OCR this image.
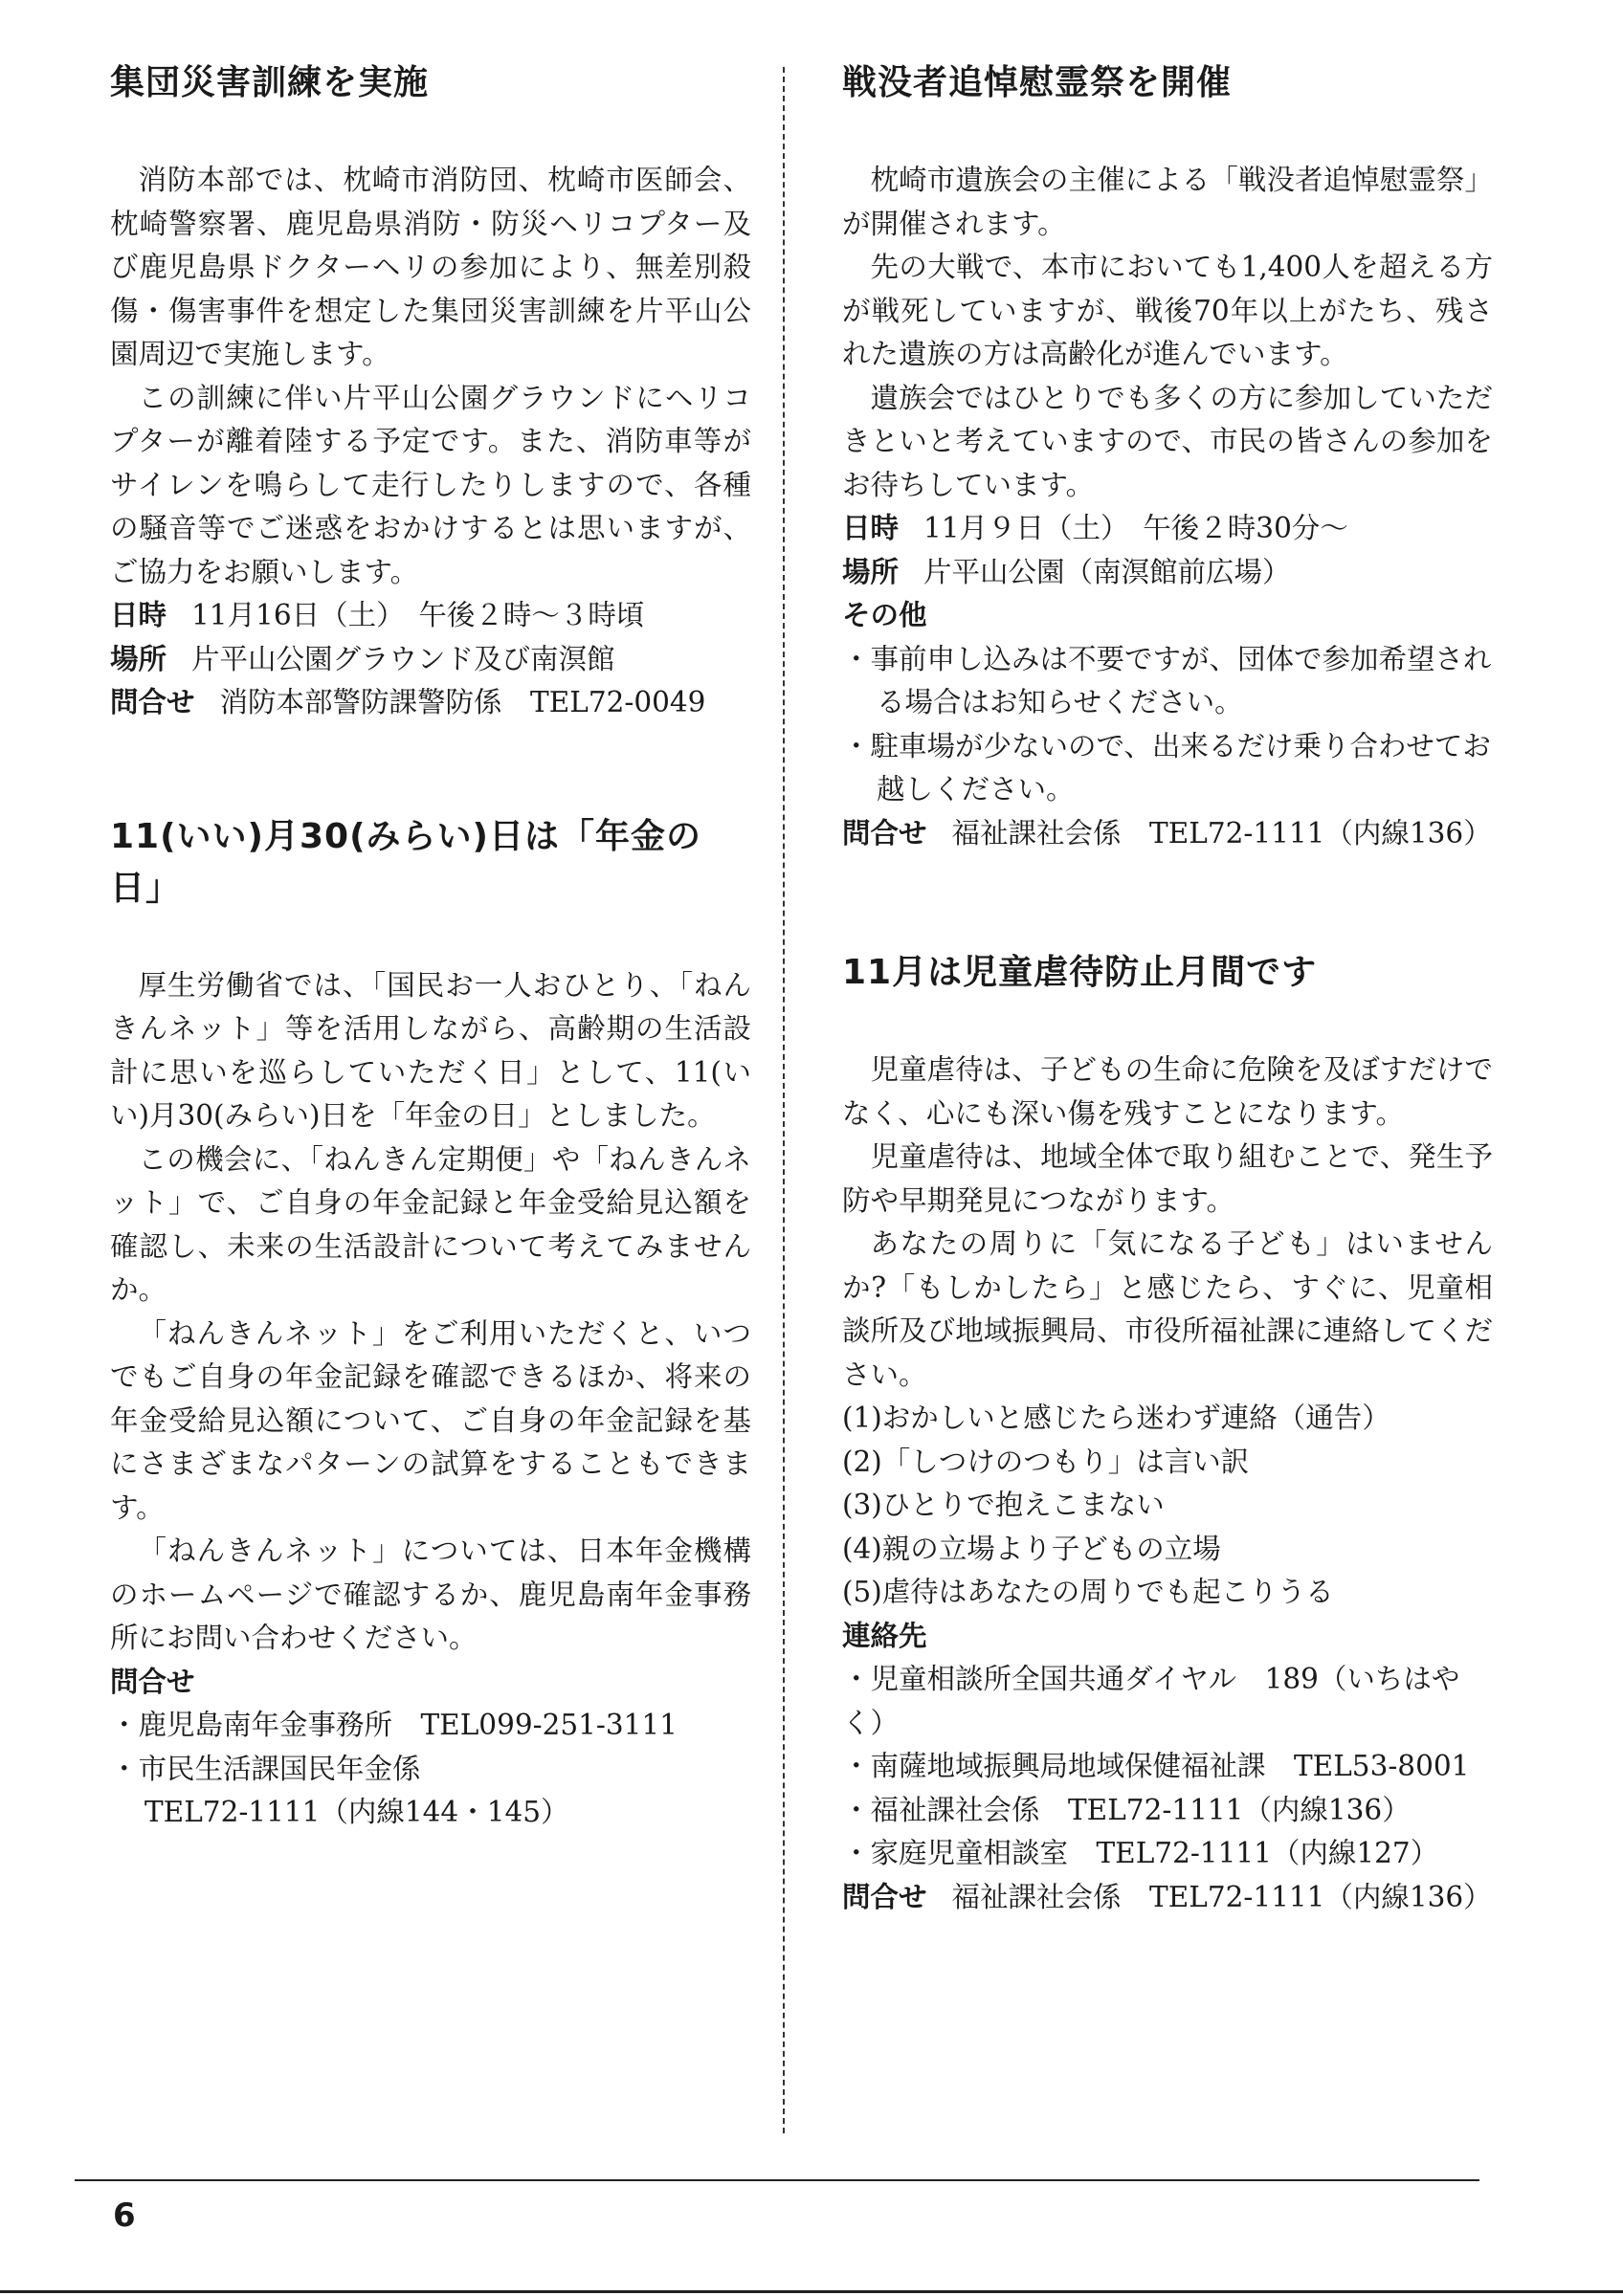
集団災害訓練を実施

消防本部では、枕崎市消防団、枕崎市医師会、枕崎警察署、鹿児島県消防・防災ヘリコプター及び鹿児島県ドクターヘリの参加により、無差別殺傷・傷害事件を想定した集団災害訓練を片平山公園周辺で実施します。

この訓練に伴い片平山公園グラウンドにヘリコプターが離着陸する予定です。また、消防車等がサイレンを鳴らして走行したりしますので、各種の騒音等でご迷惑をおかけするとは思いますが、ご協力をお願いします。

日時 11月16日（土）　午後２時〜３時頃
場所 片平山公園グラウンド及び南溟館
問合せ 消防本部警防課警防係　TEL72-0049
11(いい)月30(みらい)日は「年金の日」

厚生労働省では、「国民お一人おひとり、「ねんきんネット」等を活用しながら、高齢期の生活設計に思いを巡らしていただく日」として、11(いい)月30(みらい)日を「年金の日」としました。

この機会に、「ねんきん定期便」や「ねんきんネット」で、ご自身の年金記録と年金受給見込額を確認し、未来の生活設計について考えてみませんか。

「ねんきんネット」をご利用いただくと、いつでもご自身の年金記録を確認できるほか、将来の年金受給見込額について、ご自身の年金記録を基にさまざまなパターンの試算をすることもできます。

「ねんきんネット」については、日本年金機構のホームページで確認するか、鹿児島南年金事務所にお問い合わせください。

問合せ
・鹿児島南年金事務所　TEL099-251-3111
・市民生活課国民年金係
TEL72-1111（内線144・145）
戦没者追悼慰霊祭を開催

枕崎市遺族会の主催による「戦没者追悼慰霊祭」が開催されます。

先の大戦で、本市においても1,400人を超える方が戦死していますが、戦後70年以上がたち、残された遺族の方は高齢化が進んでいます。

遺族会ではひとりでも多くの方に参加していただきといと考えていますので、市民の皆さんの参加をお待ちしています。

日時 11月９日（土）　午後２時30分〜
場所 片平山公園（南溟館前広場）
その他
・事前申し込みは不要ですが、団体で参加希望される場合はお知らせください。
・駐車場が少ないので、出来るだけ乗り合わせてお越しください。
問合せ 福祉課社会係　TEL72-1111（内線136）
11月は児童虐待防止月間です

児童虐待は、子どもの生命に危険を及ぼすだけでなく、心にも深い傷を残すことになります。

児童虐待は、地域全体で取り組むことで、発生予防や早期発見につながります。

あなたの周りに「気になる子ども」はいませんか?「もしかしたら」と感じたら、すぐに、児童相談所及び地域振興局、市役所福祉課に連絡してください。

(1)おかしいと感じたら迷わず連絡（通告）
(2)「しつけのつもり」は言い訳
(3)ひとりで抱えこまない
(4)親の立場より子どもの立場
(5)虐待はあなたの周りでも起こりうる
連絡先
・児童相談所全国共通ダイヤル　189（いちはやく）
・南薩地域振興局地域保健福祉課　TEL53-8001
・福祉課社会係　TEL72-1111（内線136）
・家庭児童相談室　TEL72-1111（内線127）
問合せ 福祉課社会係　TEL72-1111（内線136）
6
